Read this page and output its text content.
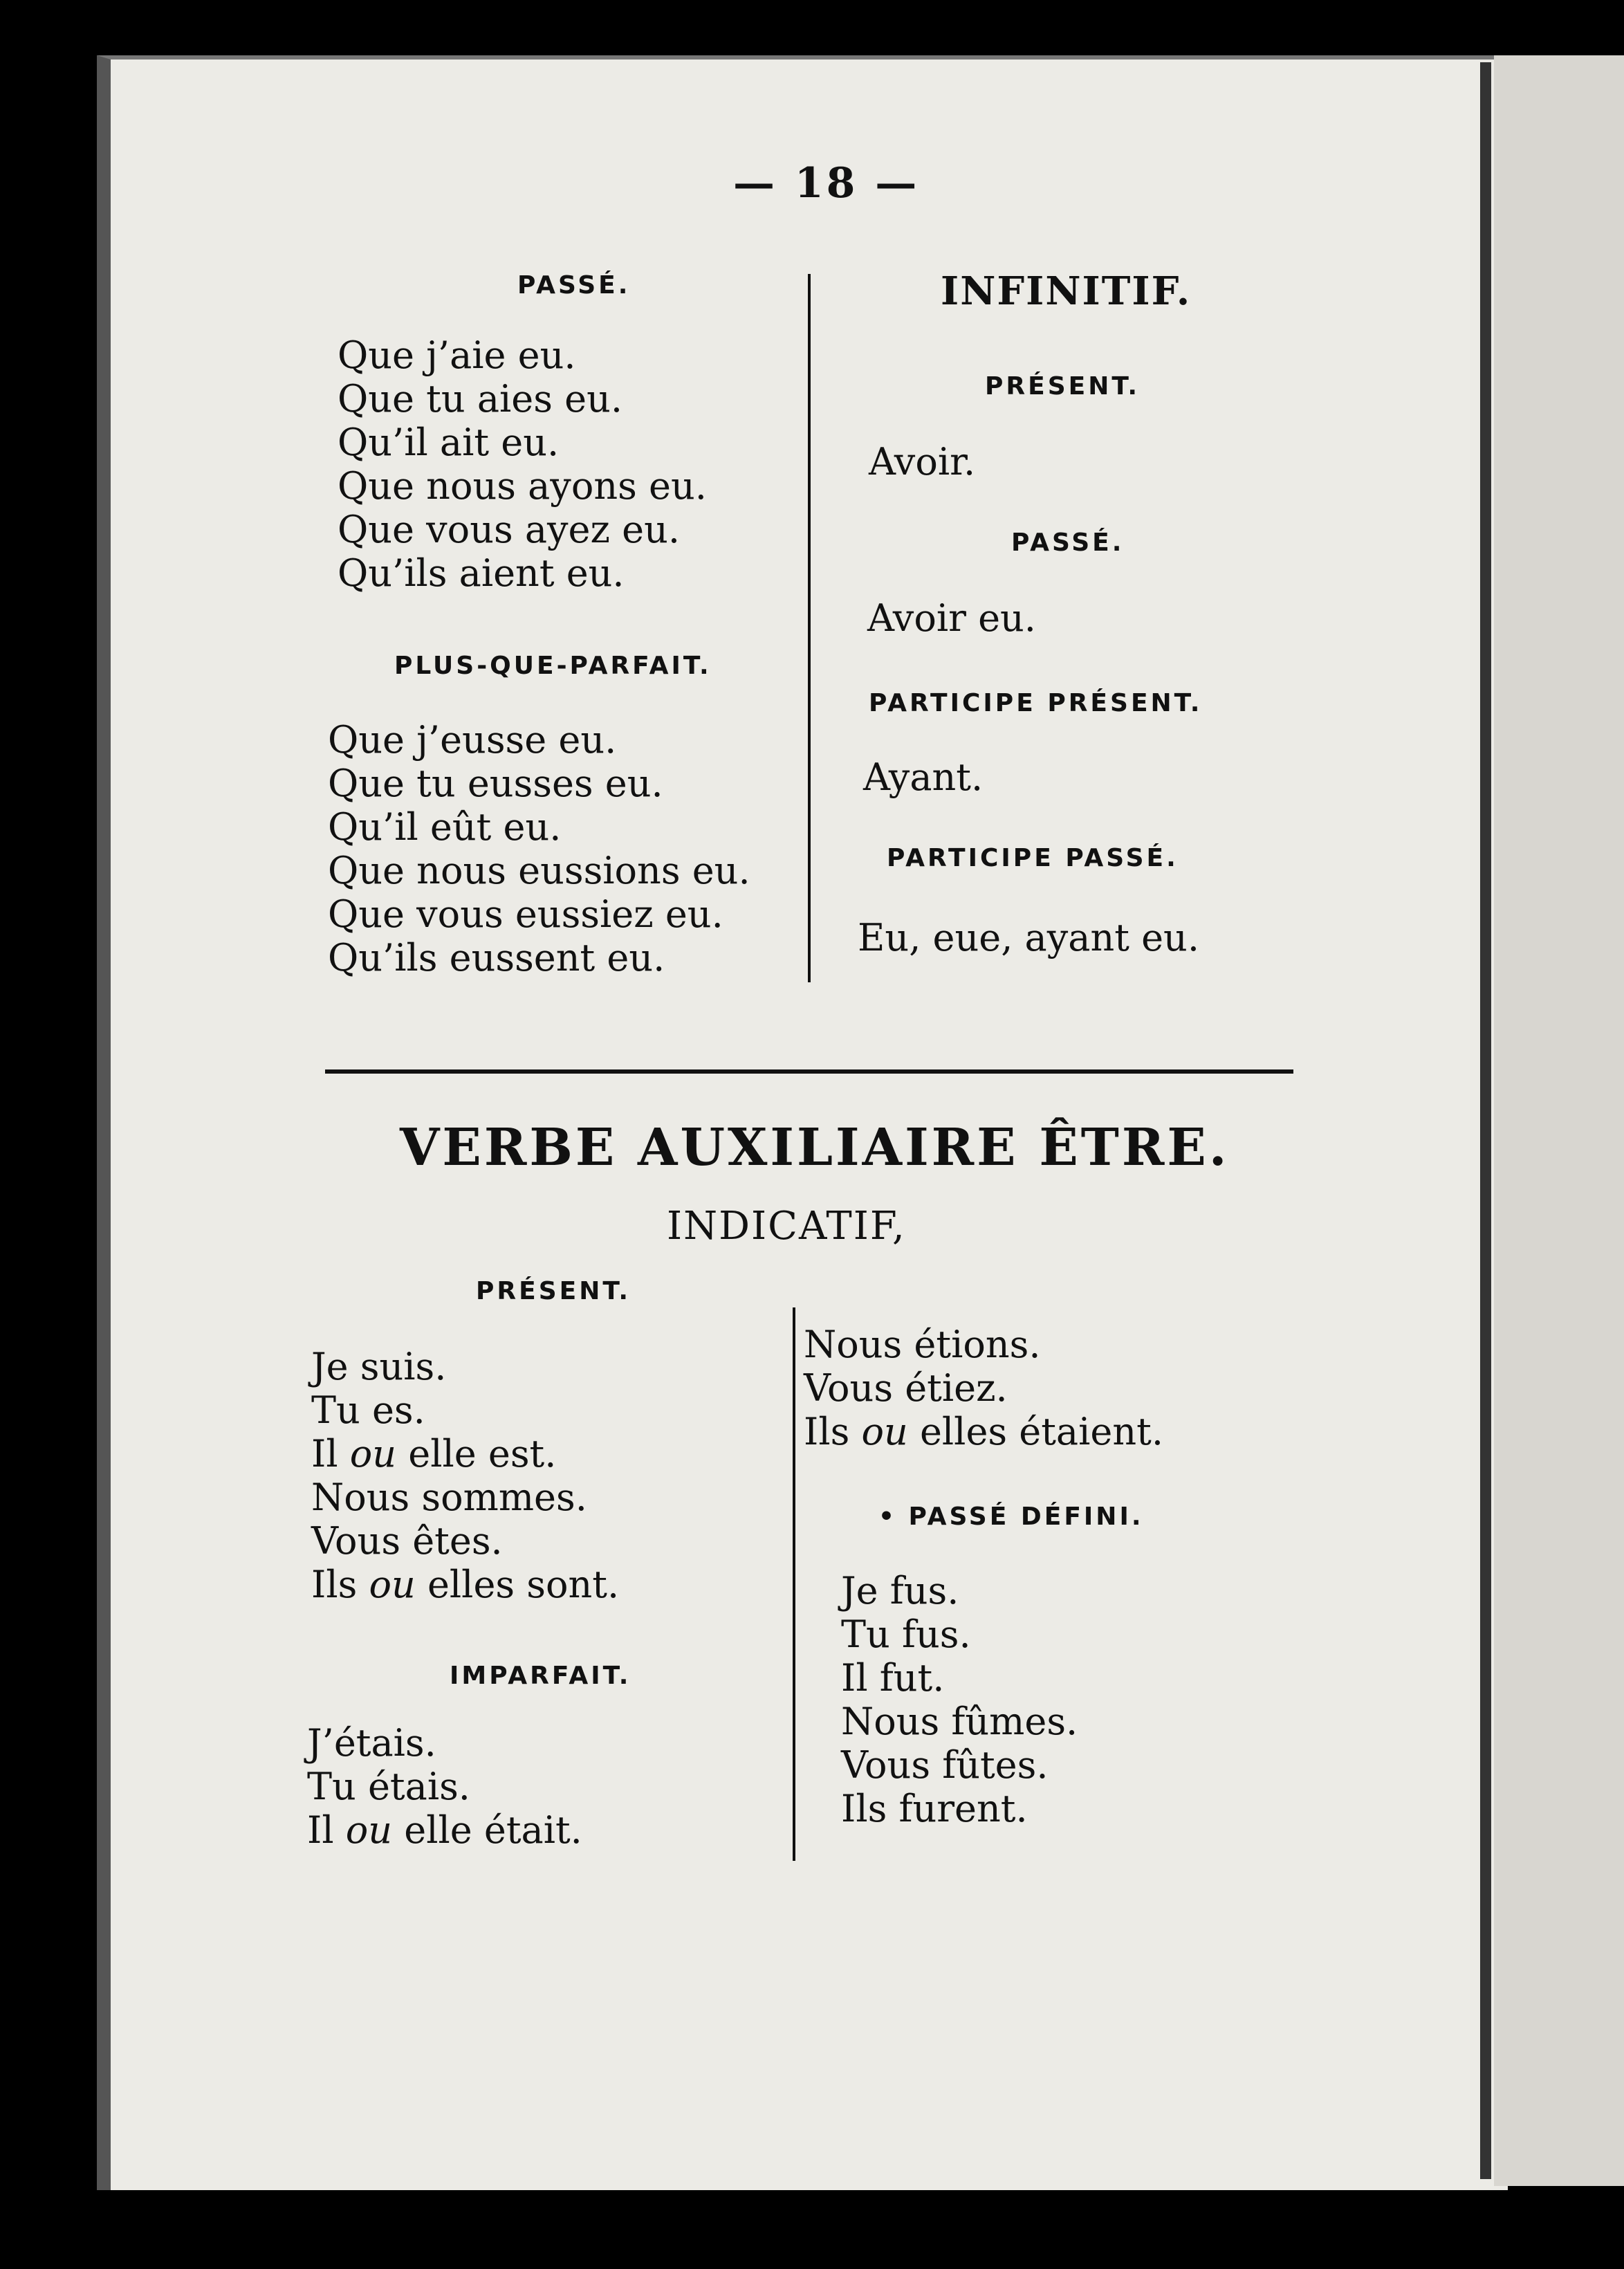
— 18 —
PASSÉ.
Que j’aie eu.
Que tu aies eu.
Qu’il ait eu.
Que nous ayons eu.
Que vous ayez eu.
Qu’ils aient eu.
PLUS-QUE-PARFAIT.
Que j’eusse eu.
Que tu eusses eu.
Qu’il eût eu.
Que nous eussions eu.
Que vous eussiez eu.
Qu’ils eussent eu.
INFINITIF.
PRÉSENT.
Avoir.
PASSÉ.
Avoir eu.
PARTICIPE PRÉSENT.
Ayant.
PARTICIPE PASSÉ.
Eu, eue, ayant eu.
VERBE AUXILIAIRE ÊTRE.
INDICATIF,
PRÉSENT.
Je suis.
Tu es.
Il ou elle est.
Nous sommes.
Vous êtes.
Ils ou elles sont.
IMPARFAIT.
J’étais.
Tu étais.
Il ou elle était.
Nous étions.
Vous étiez.
Ils ou elles étaient.
• PASSÉ DÉFINI.
Je fus.
Tu fus.
Il fut.
Nous fûmes.
Vous fûtes.
Ils furent.
